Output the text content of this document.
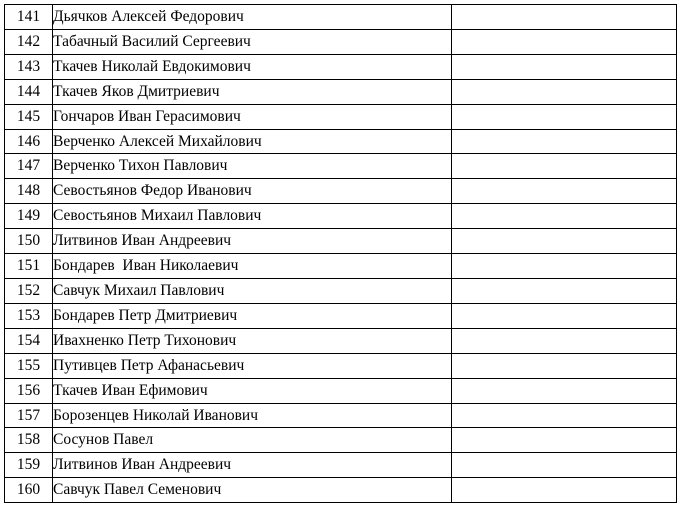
141	Дьячков Алексей Федорович	
142	Табачный Василий Сергеевич	
143	Ткачев Николай Евдокимович	
144	Ткачев Яков Дмитриевич	
145	Гончаров Иван Герасимович	
146	Верченко Алексей Михайлович	
147	Верченко Тихон Павлович	
148	Севостьянов Федор Иванович	
149	Севостьянов Михаил Павлович	
150	Литвинов Иван Андреевич	
151	Бондарев  Иван Николаевич	
152	Савчук Михаил Павлович	
153	Бондарев Петр Дмитриевич	
154	Ивахненко Петр Тихонович	
155	Путивцев Петр Афанасьевич	
156	Ткачев Иван Ефимович	
157	Борозенцев Николай Иванович	
158	Сосунов Павел	
159	Литвинов Иван Андреевич	
160	Савчук Павел Семенович	
